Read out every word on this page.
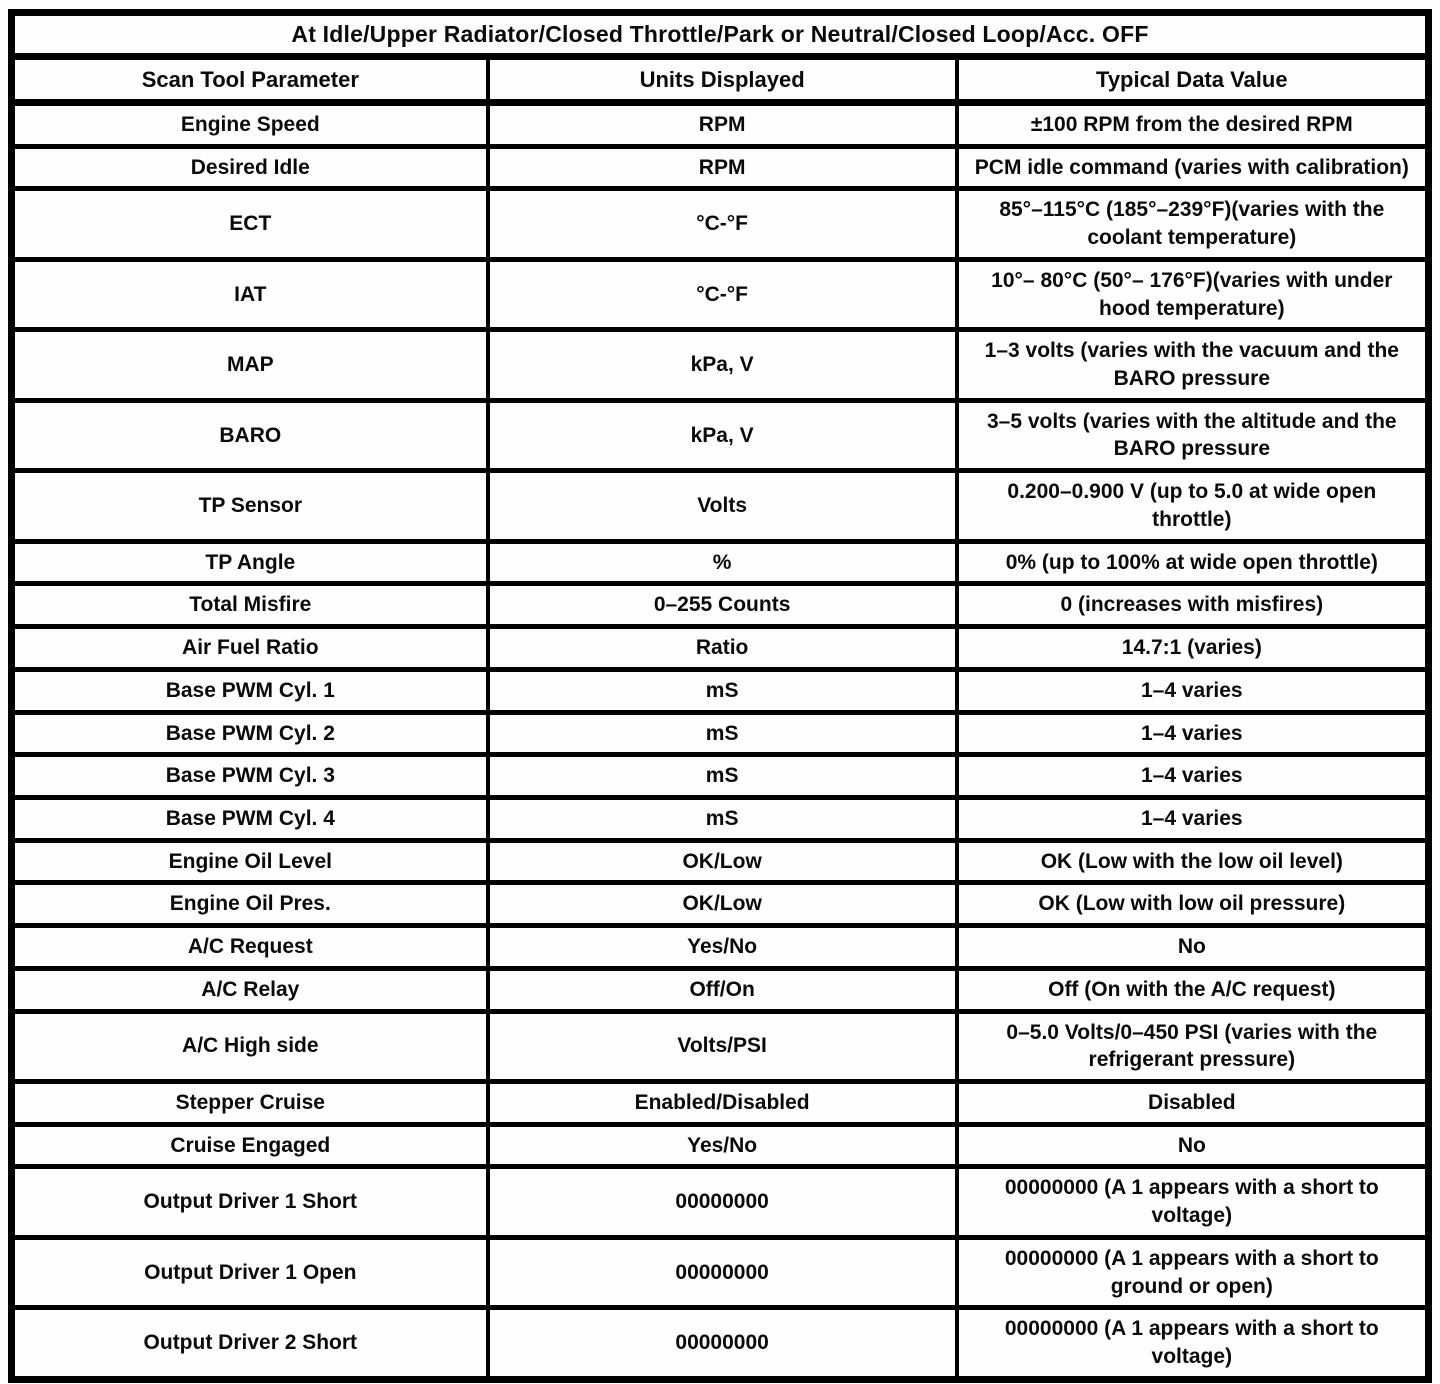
At Idle/Upper Radiator/Closed Throttle/Park or Neutral/Closed Loop/Acc. OFF		
Scan Tool Parameter	Units Displayed	Typical Data Value
Engine Speed	RPM	±100 RPM from the desired RPM
Desired Idle	RPM	PCM idle command (varies with calibration)
ECT	°C-°F	85°–115°C (185°–239°F)(varies with the coolant temperature)
IAT	°C-°F	10°– 80°C (50°– 176°F)(varies with under hood temperature)
MAP	kPa, V	1–3 volts (varies with the vacuum and the BARO pressure
BARO	kPa, V	3–5 volts (varies with the altitude and the BARO pressure
TP Sensor	Volts	0.200–0.900 V (up to 5.0 at wide open throttle)
TP Angle	%	0% (up to 100% at wide open throttle)
Total Misfire	0–255 Counts	0 (increases with misfires)
Air Fuel Ratio	Ratio	14.7:1 (varies)
Base PWM Cyl. 1	mS	1–4 varies
Base PWM Cyl. 2	mS	1–4 varies
Base PWM Cyl. 3	mS	1–4 varies
Base PWM Cyl. 4	mS	1–4 varies
Engine Oil Level	OK/Low	OK (Low with the low oil level)
Engine Oil Pres.	OK/Low	OK (Low with low oil pressure)
A/C Request	Yes/No	No
A/C Relay	Off/On	Off (On with the A/C request)
A/C High side	Volts/PSI	0–5.0 Volts/0–450 PSI (varies with the refrigerant pressure)
Stepper Cruise	Enabled/Disabled	Disabled
Cruise Engaged	Yes/No	No
Output Driver 1 Short	00000000	00000000 (A 1 appears with a short to voltage)
Output Driver 1 Open	00000000	00000000 (A 1 appears with a short to ground or open)
Output Driver 2 Short	00000000	00000000 (A 1 appears with a short to voltage)
